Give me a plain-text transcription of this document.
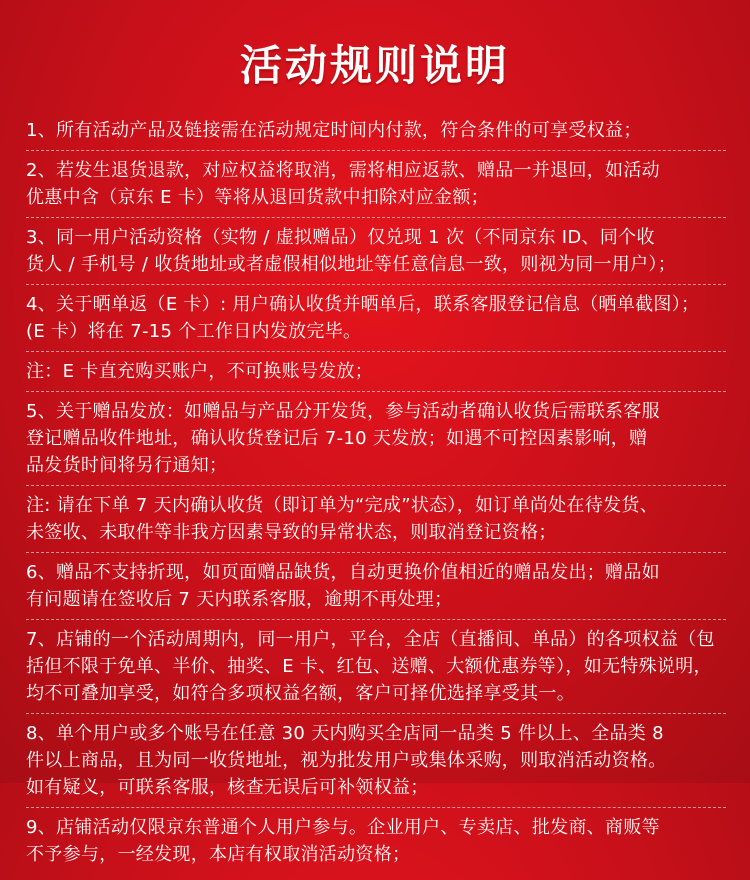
活动规则说明
1、所有活动产品及链接需在活动规定时间内付款，符合条件的可享受权益；
2、若发生退货退款，对应权益将取消，需将相应返款、赠品一并退回，如活动
优惠中含（京东 E 卡）等将从退回货款中扣除对应金额；
3、同一用户活动资格（实物 / 虚拟赠品）仅兑现 1 次（不同京东 ID、同个收
货人 / 手机号 / 收货地址或者虚假相似地址等任意信息一致，则视为同一用户）；
4、关于晒单返（E 卡）: 用户确认收货并晒单后，联系客服登记信息（晒单截图）；
(E 卡）将在 7-15 个工作日内发放完毕。
注：E 卡直充购买账户，不可换账号发放；
5、关于赠品发放：如赠品与产品分开发货，参与活动者确认收货后需联系客服
登记赠品收件地址，确认收货登记后 7-10 天发放；如遇不可控因素影响，赠
品发货时间将另行通知；
注: 请在下单 7 天内确认收货（即订单为“完成”状态），如订单尚处在待发货、
未签收、未取件等非我方因素导致的异常状态，则取消登记资格；
6、赠品不支持折现，如页面赠品缺货，自动更换价值相近的赠品发出；赠品如
有问题请在签收后 7 天内联系客服，逾期不再处理；
7、店铺的一个活动周期内，同一用户，平台，全店（直播间、单品）的各项权益（包
括但不限于免单、半价、抽奖、E 卡、红包、送赠、大额优惠券等），如无特殊说明，
均不可叠加享受，如符合多项权益名额，客户可择优选择享受其一。
8、单个用户或多个账号在任意 30 天内购买全店同一品类 5 件以上、全品类 8
件以上商品，且为同一收货地址，视为批发用户或集体采购，则取消活动资格。
如有疑义，可联系客服，核查无误后可补领权益；
9、店铺活动仅限京东普通个人用户参与。企业用户、专卖店、批发商、商贩等
不予参与，一经发现，本店有权取消活动资格；
